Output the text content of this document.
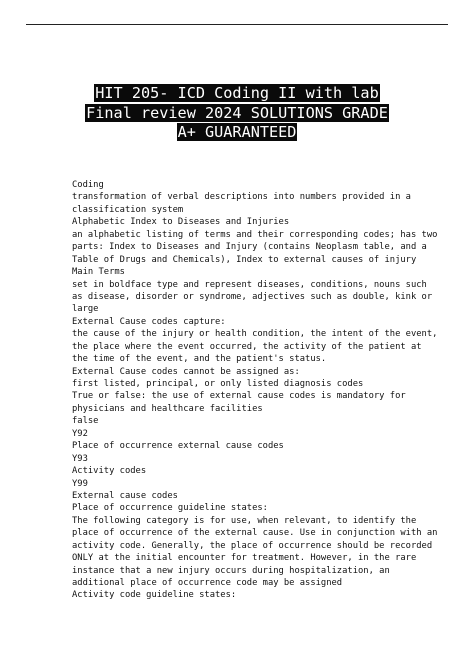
HIT 205- ICD Coding II with lab
Final review 2024 SOLUTIONS GRADE
A+ GUARANTEED
Coding
transformation of verbal descriptions into numbers provided in a
classification system
Alphabetic Index to Diseases and Injuries
an alphabetic listing of terms and their corresponding codes; has two
parts: Index to Diseases and Injury (contains Neoplasm table, and a
Table of Drugs and Chemicals), Index to external causes of injury
Main Terms
set in boldface type and represent diseases, conditions, nouns such
as disease, disorder or syndrome, adjectives such as double, kink or
large
External Cause codes capture:
the cause of the injury or health condition, the intent of the event,
the place where the event occurred, the activity of the patient at
the time of the event, and the patient's status.
External Cause codes cannot be assigned as:
first listed, principal, or only listed diagnosis codes
True or false: the use of external cause codes is mandatory for
physicians and healthcare facilities
false
Y92
Place of occurrence external cause codes
Y93
Activity codes
Y99
External cause codes
Place of occurrence guideline states:
The following category is for use, when relevant, to identify the
place of occurrence of the external cause. Use in conjunction with an
activity code. Generally, the place of occurrence should be recorded
ONLY at the initial encounter for treatment. However, in the rare
instance that a new injury occurs during hospitalization, an
additional place of occurrence code may be assigned
Activity code guideline states:
